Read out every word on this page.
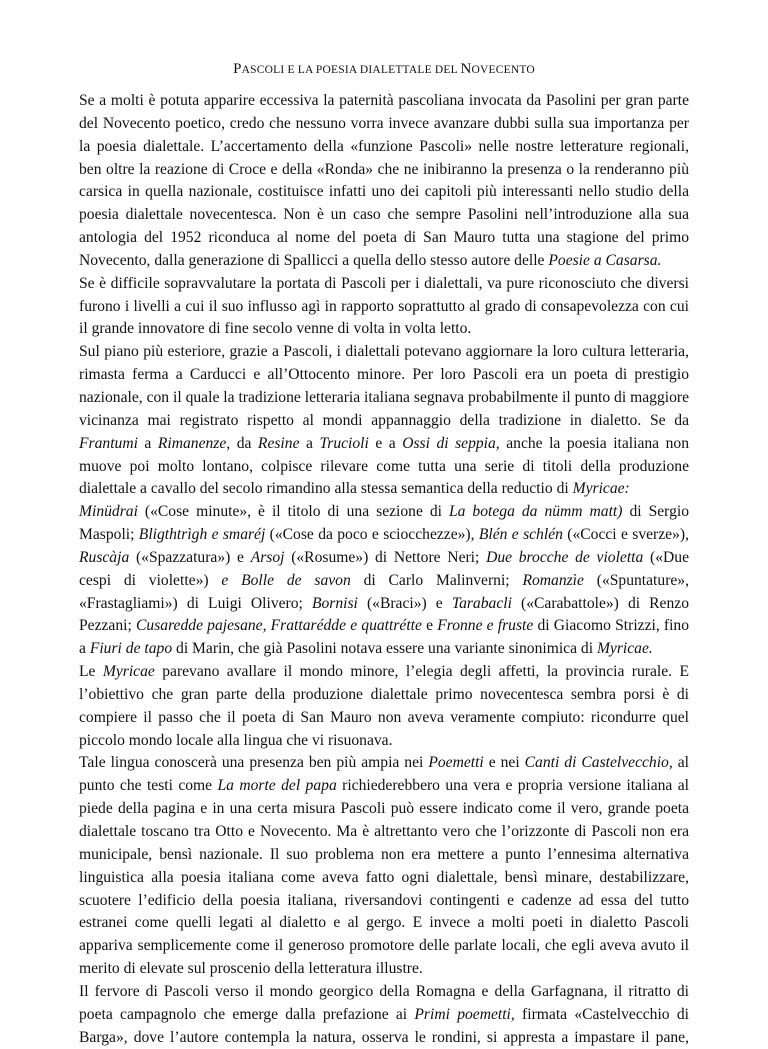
PASCOLI E LA POESIA DIALETTALE DEL NOVECENTO

Se a molti è potuta apparire eccessiva la paternità pascoliana invocata da Pasolini per gran parte del Novecento poetico, credo che nessuno vorra invece avanzare dubbi sulla sua importanza per la poesia dialettale. L’accertamento della «funzione Pascoli» nelle nostre letterature regionali, ben oltre la reazione di Croce e della «Ronda» che ne inibiranno la presenza o la renderanno più carsica in quella nazionale, costituisce infatti uno dei capitoli più interessanti nello studio della poesia dialettale novecentesca. Non è un caso che sempre Pasolini nell’introduzione alla sua antologia del 1952 riconduca al nome del poeta di San Mauro tutta una stagione del primo Novecento, dalla generazione di Spallicci a quella dello stesso autore delle Poesie a Casarsa.

Se è difficile sopravvalutare la portata di Pascoli per i dialettali, va pure riconosciuto che diversi furono i livelli a cui il suo influsso agì in rapporto soprattutto al grado di consapevolezza con cui il grande innovatore di fine secolo venne di volta in volta letto.

Sul piano più esteriore, grazie a Pascoli, i dialettali potevano aggiornare la loro cultura letteraria, rimasta ferma a Carducci e all’Ottocento minore. Per loro Pascoli era un poeta di prestigio nazionale, con il quale la tradizione letteraria italiana segnava probabilmente il punto di maggiore vicinanza mai registrato rispetto al mondi appannaggio della tradizione in dialetto. Se da Frantumi a Rimanenze, da Resine a Trucioli e a Ossi di seppia, anche la poesia italiana non muove poi molto lontano, colpisce rilevare come tutta una serie di titoli della produzione dialettale a cavallo del secolo rimandino alla stessa semantica della reductio di Myricae:

Minüdrai («Cose minute», è il titolo di una sezione di La botega da nümm matt) di Sergio Maspoli; Bligthtrìgh e smaréj («Cose da poco e sciocchezze»), Blén e schlén («Cocci e sverze»), Ruscàja («Spazzatura») e Arsoj («Rosume») di Nettore Neri; Due brocche de violetta («Due cespi di violette») e Bolle de savon di Carlo Malinverni; Romanzìe («Spuntature», «Frastagliami») di Luigi Olivero; Bornisi («Braci») e Tarabacli («Carabattole») di Renzo Pezzani; Cusaredde pajesane, Frattarédde e quattrétte e Fronne e fruste di Giacomo Strizzi, fino a Fiuri de tapo di Marin, che già Pasolini notava essere una variante sinonimica di Myricae.

Le Myricae parevano avallare il mondo minore, l’elegia degli affetti, la provincia rurale. E l’obiettivo che gran parte della produzione dialettale primo novecentesca sembra porsi è di compiere il passo che il poeta di San Mauro non aveva veramente compiuto: ricondurre quel piccolo mondo locale alla lingua che vi risuonava.

Tale lingua conoscerà una presenza ben più ampia nei Poemetti e nei Canti di Castelvecchio, al punto che testi come La morte del papa richiederebbero una vera e propria versione italiana al piede della pagina e in una certa misura Pascoli può essere indicato come il vero, grande poeta dialettale toscano tra Otto e Novecento. Ma è altrettanto vero che l’orizzonte di Pascoli non era municipale, bensì nazionale. Il suo problema non era mettere a punto l’ennesima alternativa linguistica alla poesia italiana come aveva fatto ogni dialettale, bensì minare, destabilizzare, scuotere l’edificio della poesia italiana, riversandovi contingenti e cadenze ad essa del tutto estranei come quelli legati al dialetto e al gergo. E invece a molti poeti in dialetto Pascoli appariva semplicemente come il generoso promotore delle parlate locali, che egli aveva avuto il merito di elevate sul proscenio della letteratura illustre.

Il fervore di Pascoli verso il mondo georgico della Romagna e della Garfagnana, il ritratto di poeta campagnolo che emerge dalla prefazione ai Primi poemetti, firmata «Castelvecchio di Barga», dove l’autore contempla la natura, osserva le rondini, si appresta a impastare il pane,
